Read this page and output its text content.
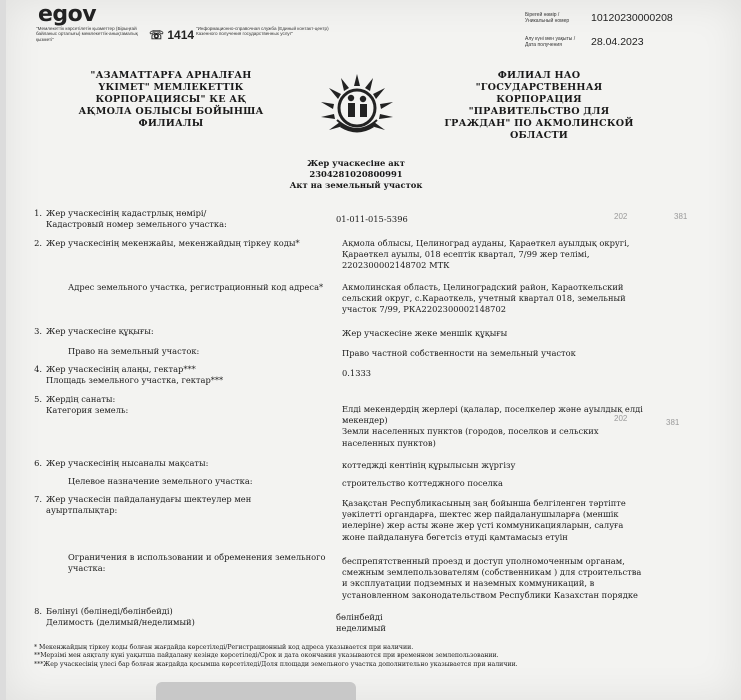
egov
"Мемлекеттік көрсетілетін қызметтер (Бірыңғай байланыс орталығы) мемлекеттік-анықтамалық қызметі"	☏ 1414 "Информационно-справочная служба (Единый контакт-центр) Казенного получения государственных услуг"
Бірегей нөмір / Уникальный номер	10120230000208
Алу күні мен уақыты / Дата получения	28.04.2023
"АЗАМАТТАРҒА АРНАЛҒАН
ҮКІМЕТ" МЕМЛЕКЕТТІК
КОРПОРАЦИЯСЫ" КЕ АҚ
АҚМОЛА ОБЛЫСЫ БОЙЫНША
ФИЛИАЛЫ
ФИЛИАЛ НАО
"ГОСУДАРСТВЕННАЯ
КОРПОРАЦИЯ
"ПРАВИТЕЛЬСТВО ДЛЯ
ГРАЖДАН" ПО АКМОЛИНСКОЙ
ОБЛАСТИ
Жер учаскесіне акт
2304281020800991
Акт на земельный участок
1. Жер учаскесінің кадастрлық нөмірі/
Кадастровый номер земельного участка:
01-011-015-5396
2. Жер учаскесінің мекенжайы, мекенжайдың тіркеу коды*	Ақмола облысы, Целиноград ауданы, Қараөткел ауылдық округі,
Қараөткел ауылы, 018 есептік квартал, 7/99 жер телімі,
2202300002148702 МТК
Адрес земельного участка, регистрационный код адреса*	Акмолинская область, Целиноградский район, Караоткельский
сельский округ, с.Караоткель, учетный квартал 018, земельный
участок 7/99, РКА2202300002148702
3. Жер учаскесіне құқығы:	Жер учаскесіне жеке меншік құқығы
Право на земельный участок:	Право частной собственности на земельный участок
4. Жер учаскесінің алаңы, гектар***
Площадь земельного участка, гектар***
0.1333
5. Жердің санаты:
Категория земель:	Елді мекендердің жерлері (қалалар, поселкелер және ауылдық елді
мекендер)
Земли населенных пунктов (городов, поселков и сельских
населенных пунктов)
6. Жер учаскесінің нысаналы мақсаты:	коттеджді кентінің құрылысын жүргізу
Целевое назначение земельного участка:	строительство коттеджного поселка
7. Жер учаскесін пайдаланудағы шектеулер мен ауыртпалықтар:
Қазақстан Республикасының заң бойынша белгіленген тәртіпте
уәкілетті органдарға, шектес жер пайдаланушыларға (меншік
иелеріне) жер асты және жер үсті коммуникацияларын, салуға
жоне пайдалануға бөгетсіз өтуді қамтамасыз етуін
Ограничения в использовании и обременения земельного участка:
беспрепятственный проезд и доступ уполномоченным органам,
смежным землепользователям (собственникам ) для строительства
и эксплуатации подземных и наземных коммуникаций, в
установленном законодательством Республики Казахстан порядке
8. Бөлінуі (бөлінеді/бөлінбейді)
Делимость (делимый/неделимый)
бөлінбейді
неделимый
* Мекенжайдың тіркеу коды болған жағдайда көрсетіледі/Регистрационный код адреса указывается при наличии.
**Мерзімі мен аяқталу күні уақытша пайдалану кезінде көрсетіледі/Срок и дата окончания указываются при временном землепользовании.
***Жер учаскесінің үлесі бар болған жағдайда қосымша көрсетіледі/Доля площади земельного участка дополнительно указывается при наличии.
202	381
202	381
